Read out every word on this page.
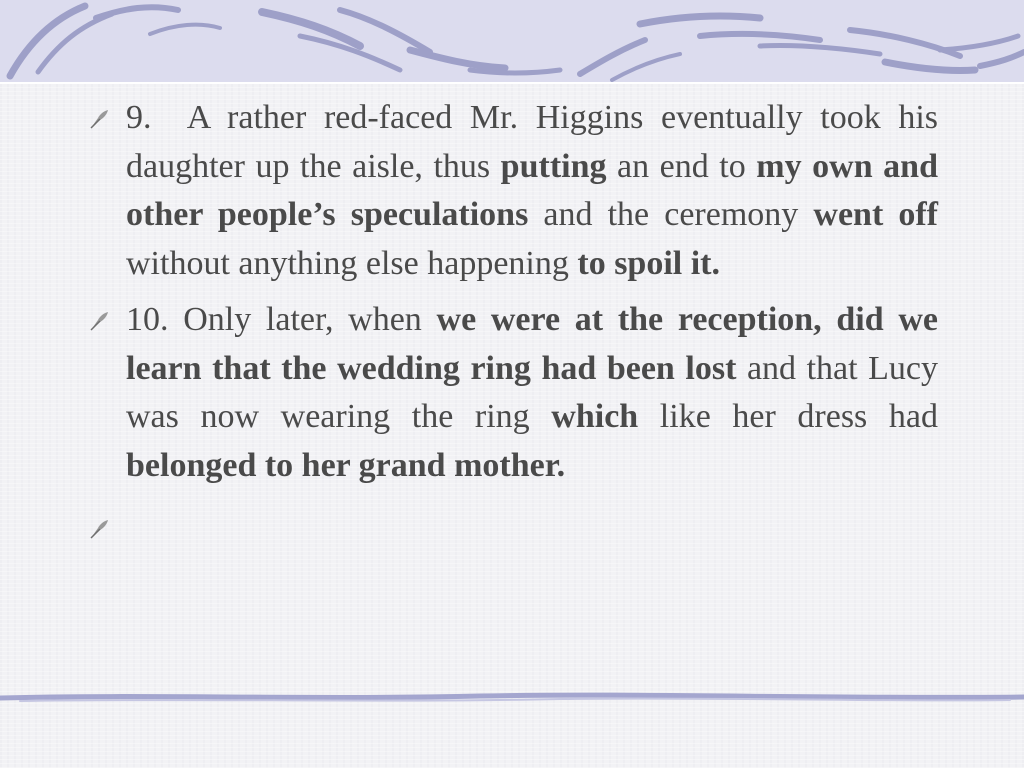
9.  A rather red-faced Mr. Higgins eventually took his daughter up the aisle, thus putting an end to my own and other people’s speculations and the ceremony went off without anything else happening to spoil it.

10. Only later, when we were at the reception, did we learn that the wedding ring had been lost and that Lucy was now wearing the ring which like her dress had belonged to her grand mother.
